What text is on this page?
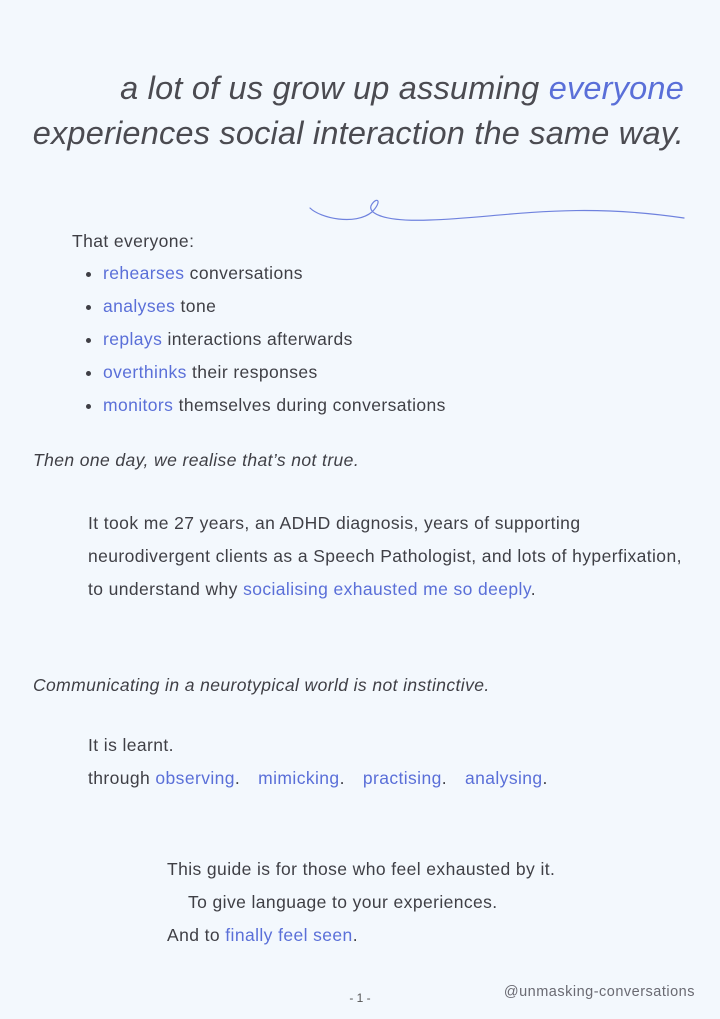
a lot of us grow up assuming everyone
experiences social interaction the same way.

That everyone:

• rehearses conversations
• analyses tone
• replays interactions afterwards
• overthinks their responses
• monitors themselves during conversations

Then one day, we realise that’s not true.

It took me 27 years, an ADHD diagnosis, years of supporting neurodivergent clients as a Speech Pathologist, and lots of hyperfixation, to understand why socialising exhausted me so deeply.

Communicating in a neurotypical world is not instinctive.

It is learnt.
through observing. mimicking. practising. analysing.
This guide is for those who feel exhausted by it.
To give language to your experiences.
And to finally feel seen.
- 1 -	@unmasking-conversations
